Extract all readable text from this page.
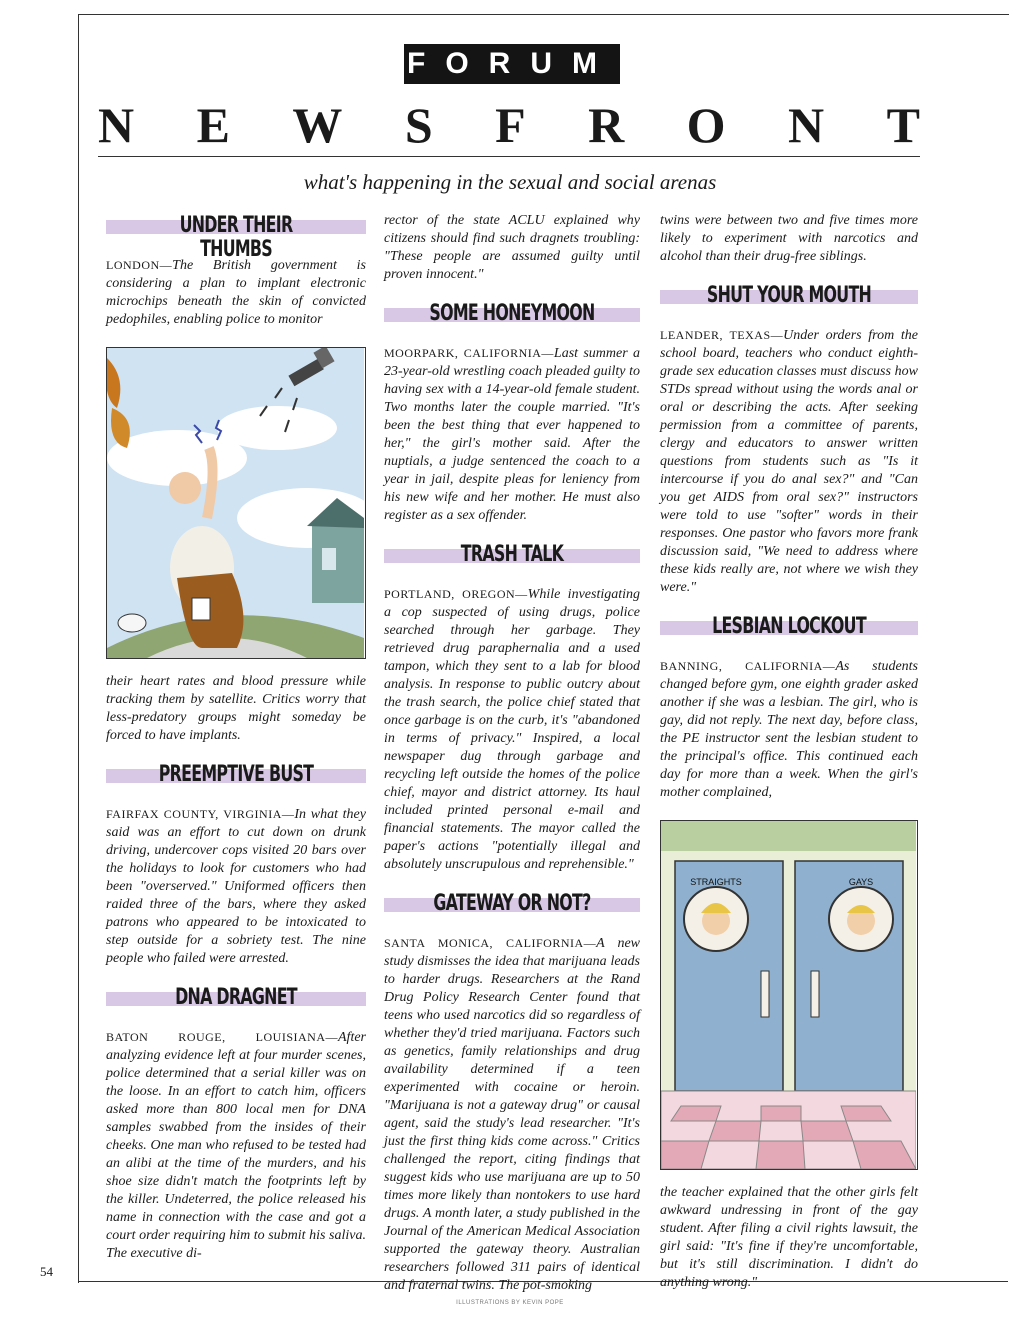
54
FORUM
N E W S F R O N T
what's happening in the sexual and social arenas
UNDER THEIR THUMBS

LONDON—The British government is considering a plan to implant electronic microchips beneath the skin of convicted pedophiles, enabling police to monitor

their heart rates and blood pressure while tracking them by satellite. Critics worry that less-predatory groups might someday be forced to have implants.

PREEMPTIVE BUST

FAIRFAX COUNTY, VIRGINIA—In what they said was an effort to cut down on drunk driving, undercover cops visited 20 bars over the holidays to look for customers who had been "overserved." Uniformed officers then raided three of the bars, where they asked patrons who appeared to be intoxicated to step outside for a sobriety test. The nine people who failed were arrested.

DNA DRAGNET

BATON ROUGE, LOUISIANA—After analyzing evidence left at four murder scenes, police determined that a serial killer was on the loose. In an effort to catch him, officers asked more than 800 local men for DNA samples swabbed from the insides of their cheeks. One man who refused to be tested had an alibi at the time of the murders, and his shoe size didn't match the footprints left by the killer. Undeterred, the police released his name in connection with the case and got a court order requiring him to submit his saliva. The executive di-

rector of the state ACLU explained why citizens should find such dragnets troubling: "These people are assumed guilty until proven innocent."

SOME HONEYMOON

MOORPARK, CALIFORNIA—Last summer a 23-year-old wrestling coach pleaded guilty to having sex with a 14-year-old female student. Two months later the couple married. "It's been the best thing that ever happened to her," the girl's mother said. After the nuptials, a judge sentenced the coach to a year in jail, despite pleas for leniency from his new wife and her mother. He must also register as a sex offender.

TRASH TALK

PORTLAND, OREGON—While investigating a cop suspected of using drugs, police searched through her garbage. They retrieved drug paraphernalia and a used tampon, which they sent to a lab for blood analysis. In response to public outcry about the trash search, the police chief stated that once garbage is on the curb, it's "abandoned in terms of privacy." Inspired, a local newspaper dug through garbage and recycling left outside the homes of the police chief, mayor and district attorney. Its haul included printed personal e-mail and financial statements. The mayor called the paper's actions "potentially illegal and absolutely unscrupulous and reprehensible."

GATEWAY OR NOT?

SANTA MONICA, CALIFORNIA—A new study dismisses the idea that marijuana leads to harder drugs. Researchers at the Rand Drug Policy Research Center found that teens who used narcotics did so regardless of whether they'd tried marijuana. Factors such as genetics, family relationships and drug availability determined if a teen experimented with cocaine or heroin. "Marijuana is not a gateway drug" or causal agent, said the study's lead researcher. "It's just the first thing kids come across." Critics challenged the report, citing findings that suggest kids who use marijuana are up to 50 times more likely than nontokers to use hard drugs. A month later, a study published in the Journal of the American Medical Association supported the gateway theory. Australian researchers followed 311 pairs of identical and fraternal twins. The pot-smoking

twins were between two and five times more likely to experiment with narcotics and alcohol than their drug-free siblings.

SHUT YOUR MOUTH

LEANDER, TEXAS—Under orders from the school board, teachers who conduct eighth-grade sex education classes must discuss how STDs spread without using the words anal or oral or describing the acts. After seeking permission from a committee of parents, clergy and educators to answer written questions from students such as "Is it intercourse if you do anal sex?" and "Can you get AIDS from oral sex?" instructors were told to use "softer" words in their responses. One pastor who favors more frank discussion said, "We need to address where these kids really are, not where we wish they were."

LESBIAN LOCKOUT

BANNING, CALIFORNIA—As students changed before gym, one eighth grader asked another if she was a lesbian. The girl, who is gay, did not reply. The next day, before class, the PE instructor sent the lesbian student to the principal's office. This continued each day for more than a week. When the girl's mother complained,

STRAIGHTS	GAYS

the teacher explained that the other girls felt awkward undressing in front of the gay student. After filing a civil rights lawsuit, the girl said: "It's fine if they're uncomfortable, but it's still discrimination. I didn't do anything wrong."

ILLUSTRATIONS BY KEVIN POPE
